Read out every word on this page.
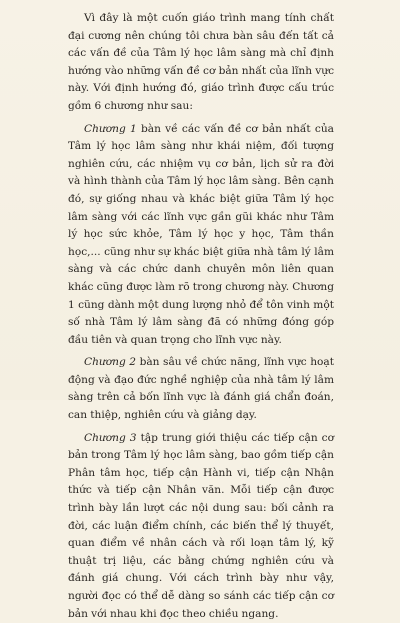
Vì đây là một cuốn giáo trình mang tính chất đại cương nên chúng tôi chưa bàn sâu đến tất cả các vấn đề của Tâm lý học lâm sàng mà chỉ định hướng vào những vấn đề cơ bản nhất của lĩnh vực này. Với định hướng đó, giáo trình được cấu trúc gồm 6 chương như sau:

Chương 1 bàn về các vấn đề cơ bản nhất của Tâm lý học lâm sàng như khái niệm, đối tượng nghiên cứu, các nhiệm vụ cơ bản, lịch sử ra đời và hình thành của Tâm lý học lâm sàng. Bên cạnh đó, sự giống nhau và khác biệt giữa Tâm lý học lâm sàng với các lĩnh vực gần gũi khác như Tâm lý học sức khỏe, Tâm lý học y học, Tâm thần học,... cũng như sự khác biệt giữa nhà tâm lý lâm sàng và các chức danh chuyên môn liên quan khác cũng được làm rõ trong chương này. Chương 1 cũng dành một dung lượng nhỏ để tôn vinh một số nhà Tâm lý lâm sàng đã có những đóng góp đầu tiên và quan trọng cho lĩnh vực này.

Chương 2 bàn sâu về chức năng, lĩnh vực hoạt động và đạo đức nghề nghiệp của nhà tâm lý lâm sàng trên cả bốn lĩnh vực là đánh giá chẩn đoán, can thiệp, nghiên cứu và giảng dạy.

Chương 3 tập trung giới thiệu các tiếp cận cơ bản trong Tâm lý học lâm sàng, bao gồm tiếp cận Phân tâm học, tiếp cận Hành vi, tiếp cận Nhận thức và tiếp cận Nhân văn. Mỗi tiếp cận được trình bày lần lượt các nội dung sau: bối cảnh ra đời, các luận điểm chính, các biến thể lý thuyết, quan điểm về nhân cách và rối loạn tâm lý, kỹ thuật trị liệu, các bằng chứng nghiên cứu và đánh giá chung. Với cách trình bày như vậy, người đọc có thể dễ dàng so sánh các tiếp cận cơ bản với nhau khi đọc theo chiều ngang.
